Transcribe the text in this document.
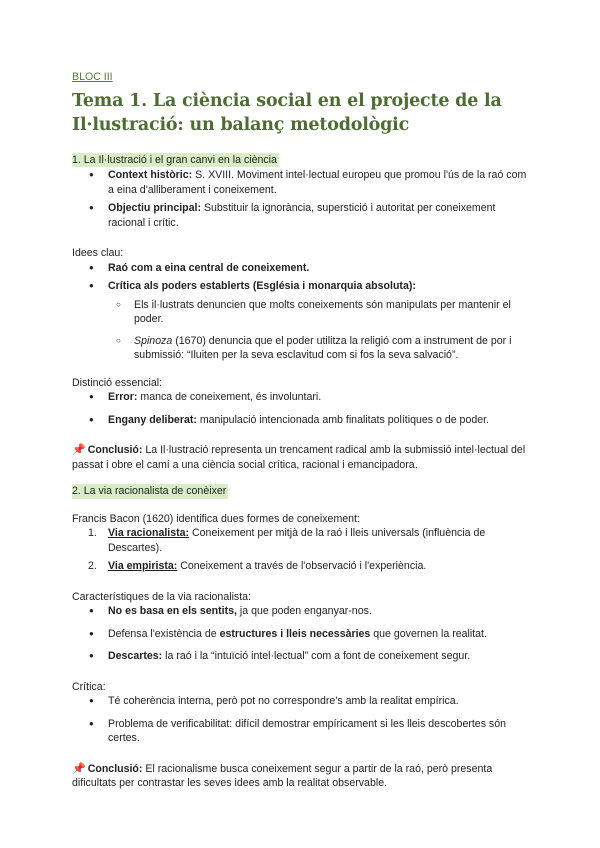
BLOC III
Tema 1. La ciència social en el projecte de la Il·lustració: un balanç metodològic
1. La Il·lustració i el gran canvi en la ciència
● Context històric: S. XVIII. Moviment intel·lectual europeu que promou l'ús de la raó com a eina d'alliberament i coneixement.
● Objectiu principal: Substituir la ignorància, superstició i autoritat per coneixement racional i crític.

Idees clau:

● Raó com a eina central de coneixement.
● Crítica als poders establerts (Església i monarquia absoluta):
○ Els il·lustrats denuncien que molts coneixements són manipulats per mantenir el poder.
○ Spinoza (1670) denuncia que el poder utilitza la religió com a instrument de por i submissió: “Iluiten per la seva esclavitud com si fos la seva salvació”.

Distinció essencial:

● Error: manca de coneixement, és involuntari.
● Engany deliberat: manipulació intencionada amb finalitats polítiques o de poder.

📌 Conclusió: La Il·lustració representa un trencament radical amb la submissió intel·lectual del passat i obre el camí a una ciència social crítica, racional i emancipadora.

2. La via racionalista de conèixer

Francis Bacon (1620) identifica dues formes de coneixement:

1. Via racionalista: Coneixement per mitjà de la raó i lleis universals (influència de Descartes).
2. Via empirista: Coneixement a través de l'observació i l'experiència.

Característiques de la via racionalista:

● No es basa en els sentits, ja que poden enganyar-nos.
● Defensa l'existència de estructures i lleis necessàries que governen la realitat.
● Descartes: la raó i la “intuïció intel·lectual” com a font de coneixement segur.

Crítica:

● Té coherència interna, però pot no correspondre's amb la realitat empírica.
● Problema de verificabilitat: difícil demostrar empíricament si les lleis descobertes són certes.

📌 Conclusió: El racionalisme busca coneixement segur a partir de la raó, però presenta dificultats per contrastar les seves idees amb la realitat observable.
